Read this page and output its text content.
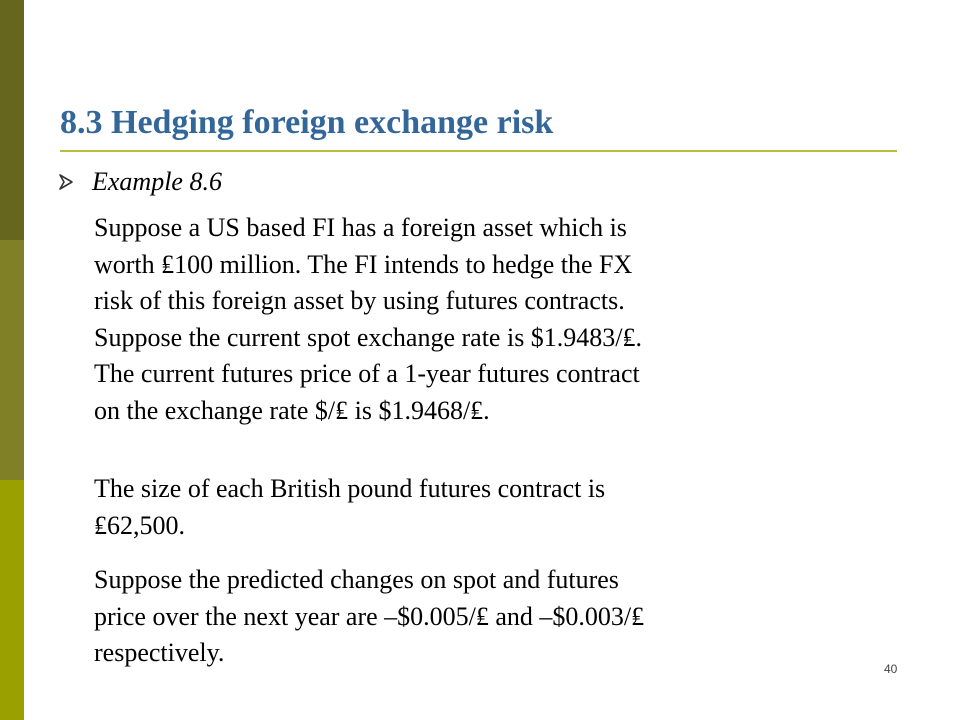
8.3 Hedging foreign exchange risk
Example 8.6
Suppose a US based FI has a foreign asset which is
worth ₤100 million. The FI intends to hedge the FX
risk of this foreign asset by using futures contracts.
Suppose the current spot exchange rate is $1.9483/₤.
The current futures price of a 1-year futures contract
on the exchange rate $/₤ is $1.9468/₤.
The size of each British pound futures contract is
₤62,500.
Suppose the predicted changes on spot and futures
price over the next year are –$0.005/₤ and –$0.003/₤
respectively.
40
